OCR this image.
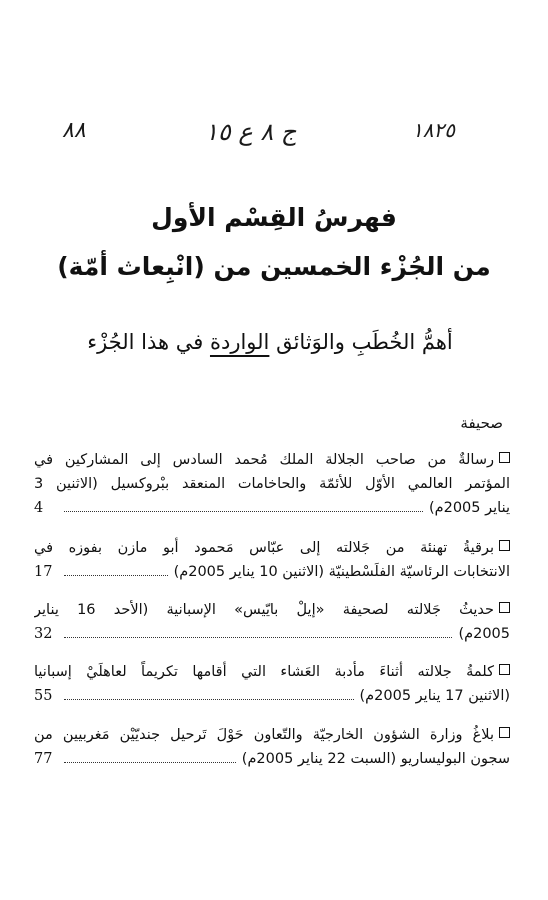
٨٨	ج ٨ ع ١٥	١٨٢٥
فهرسُ القِسْم الأول
من الجُزْء الخمسين من (انْبِعاث أمّة)
أهمُّ الخُطَبِ والوَثائق الواردة في هذا الجُزْء
صحيفة
رسالةٌ من صاحب الجلالة الملك مُحمد السادس إلى المشاركين في
المؤتمر العالمي الأوّل للأئمّة والحاخامات المنعقد ببْروكسيل (الاثنين 3
يناير 2005م)
4
برقيةُ تهنئة من جَلالته إلى عبّاس مَحمود أبو مازن بفوزه في
الانتخابات الرئاسيّة الفلَسْطينيّة (الاثنين 10 يناير 2005م)
17
حديثُ جَلالته لصحيفة «إيلْ بايّيس» الإسبانية (الأحد 16 يناير
2005م)
32
كلمةُ جلالته أثناءَ مأدبة العَشاء التي أقامها تكريماً لعاهلَيْ إسبانيا
(الاثنين 17 يناير 2005م)
55
بلاغُ وزارة الشؤون الخارجيّة والتّعاون حَوْلَ تَرحيل جنديّيْن مَغربيين من
سجون البوليساريو (السبت 22 يناير 2005م)
77
